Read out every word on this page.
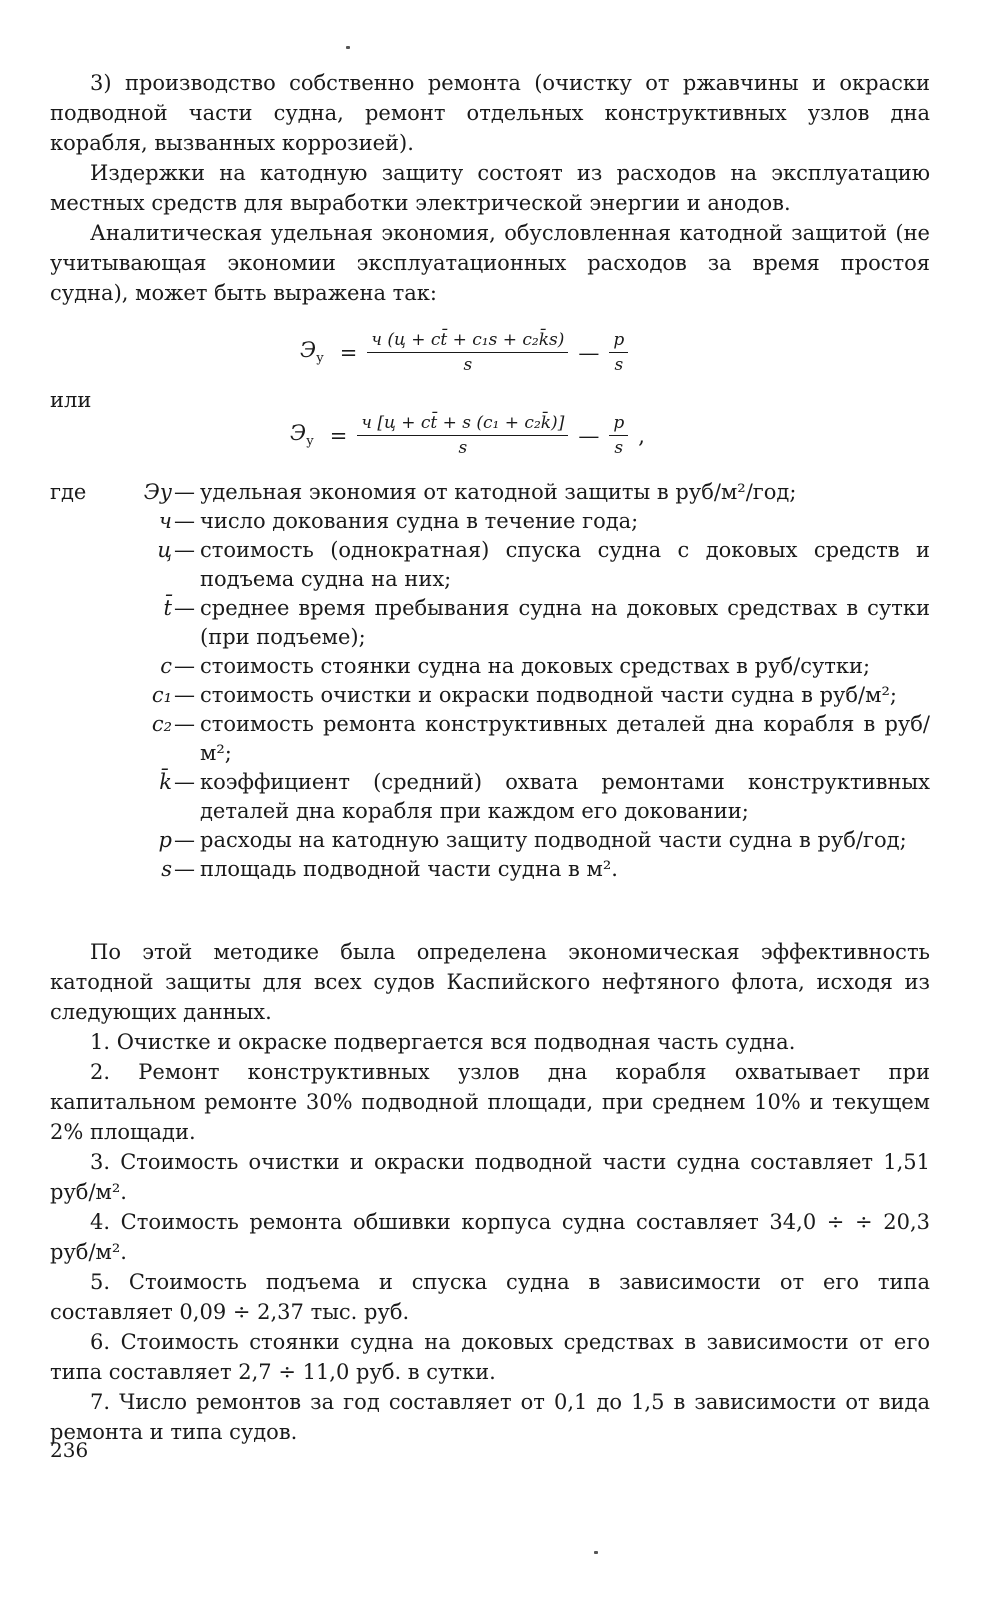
3) производство собственно ремонта (очистку от ржавчины и окраски подводной части судна, ремонт отдельных конструктивных узлов дна корабля, вызванных коррозией).

Издержки на катодную защиту состоят из расходов на эксплуатацию местных средств для выработки электрической энергии и анодов.

Аналитическая удельная экономия, обусловленная катодной защитой (не учитывающая экономии эксплуатационных расходов за время простоя судна), может быть выражена так:

$Э_у = \frac{\text{ч (ц + ct̄ + c₁s + c₂k̄s)}}{s}$ — $\frac{p}{s}$
или
$Э_у = \frac{\text{ч [ц + ct̄ + s (c₁ + c₂k̄)]}}{s}$ — $\frac{p}{s}$ ,
где	Эу — удельная экономия от катодной защиты в руб/м²/год;
ч — число докования судна в течение года;
ц — стоимость (однократная) спуска судна с доковых средств и подъема судна на них;
t̄ — среднее время пребывания судна на доковых средствах в сутки (при подъеме);
c — стоимость стоянки судна на доковых средствах в руб/сутки;
c₁ — стоимость очистки и окраски подводной части судна в руб/м²;
c₂ — стоимость ремонта конструктивных деталей дна корабля в руб/м²;
k̄ — коэффициент (средний) охвата ремонтами конструктивных деталей дна корабля при каждом его доковании;
p — расходы на катодную защиту подводной части судна в руб/год;
s — площадь подводной части судна в м².

По этой методике была определена экономическая эффективность катодной защиты для всех судов Каспийского нефтяного флота, исходя из следующих данных.

1. Очистке и окраске подвергается вся подводная часть судна.

2. Ремонт конструктивных узлов дна корабля охватывает при капитальном ремонте 30% подводной площади, при среднем 10% и текущем 2% площади.

3. Стоимость очистки и окраски подводной части судна составляет 1,51 руб/м².

4. Стоимость ремонта обшивки корпуса судна составляет 34,0 ÷ ÷ 20,3 руб/м².

5. Стоимость подъема и спуска судна в зависимости от его типа составляет 0,09 ÷ 2,37 тыс. руб.

6. Стоимость стоянки судна на доковых средствах в зависимости от его типа составляет 2,7 ÷ 11,0 руб. в сутки.

7. Число ремонтов за год составляет от 0,1 до 1,5 в зависимости от вида ремонта и типа судов.

236
